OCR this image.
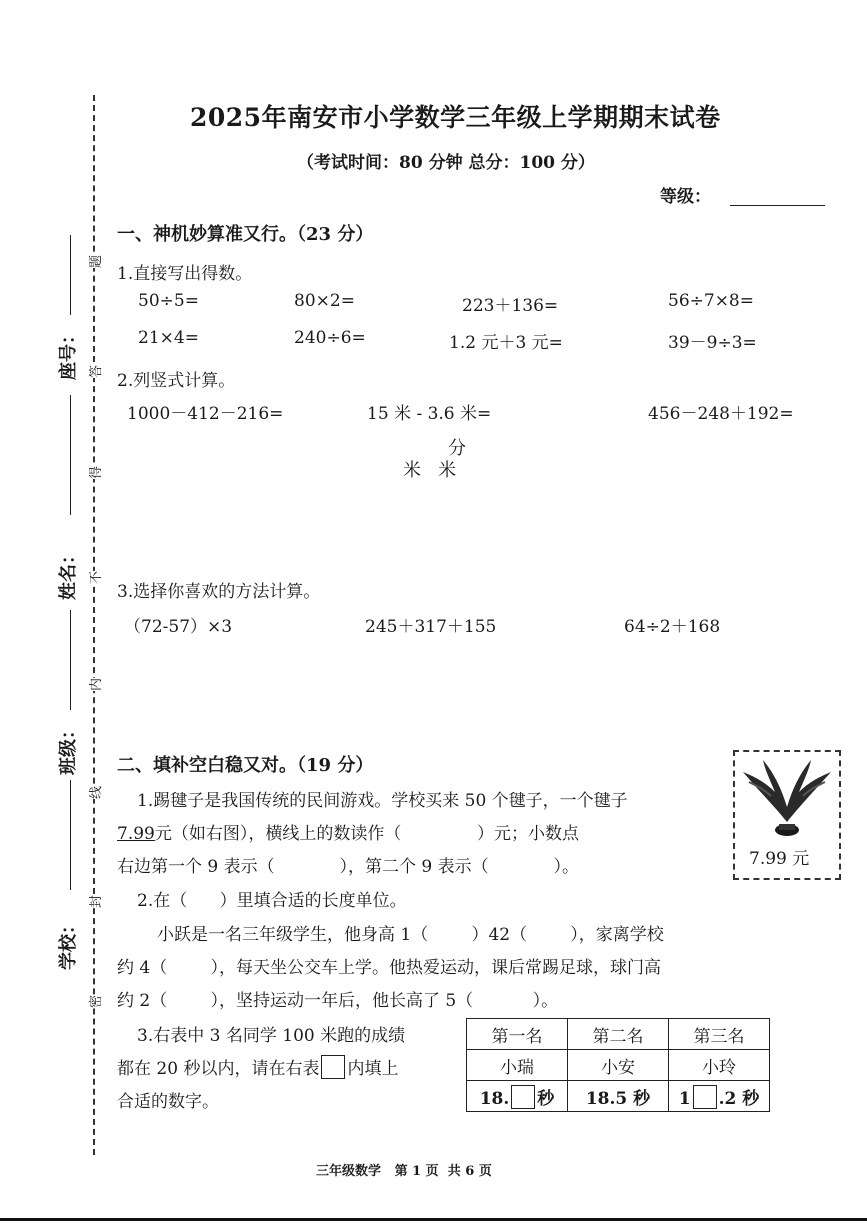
座号：
姓名：
班级：
学校：
题
答
得
不
内
线
封
密
2025年南安市小学数学三年级上学期期末试卷
（考试时间：80 分钟 总分：100 分）
等级：
一、神机妙算准又行。（23 分）
1.直接写出得数。
50÷5=	80×2=	223＋136=	56÷7×8=
21×4=	240÷6=	1.2 元＋3 元=	39－9÷3=
2.列竖式计算。
1000－412－216=	15 米 - 3.6 米=	456－248＋192=
分
米   米
3.选择你喜欢的方法计算。
（72-57）×3	245＋317＋155	64÷2＋168
二、填补空白稳又对。（19 分）
1.踢毽子是我国传统的民间游戏。学校买来 50 个毽子，一个毽子
7.99元（如右图），横线上的数读作（              ）元；小数点
右边第一个 9 表示（            ），第二个 9 表示（            ）。	7.99 元
2.在（      ）里填合适的长度单位。
小跃是一名三年级学生，他身高 1（        ）42（        ），家离学校
约 4（        ），每天坐公交车上学。他热爱运动，课后常踢足球，球门高
约 2（        ），坚持运动一年后，他长高了 5（           ）。
3.右表中 3 名同学 100 米跑的成绩
都在 20 秒以内，请在右表 内填上
合适的数字。
第一名	第二名	第三名
小瑞	小安	小玲
18. 秒	18.5 秒	1 .2 秒
三年级数学   第 1 页  共 6 页
